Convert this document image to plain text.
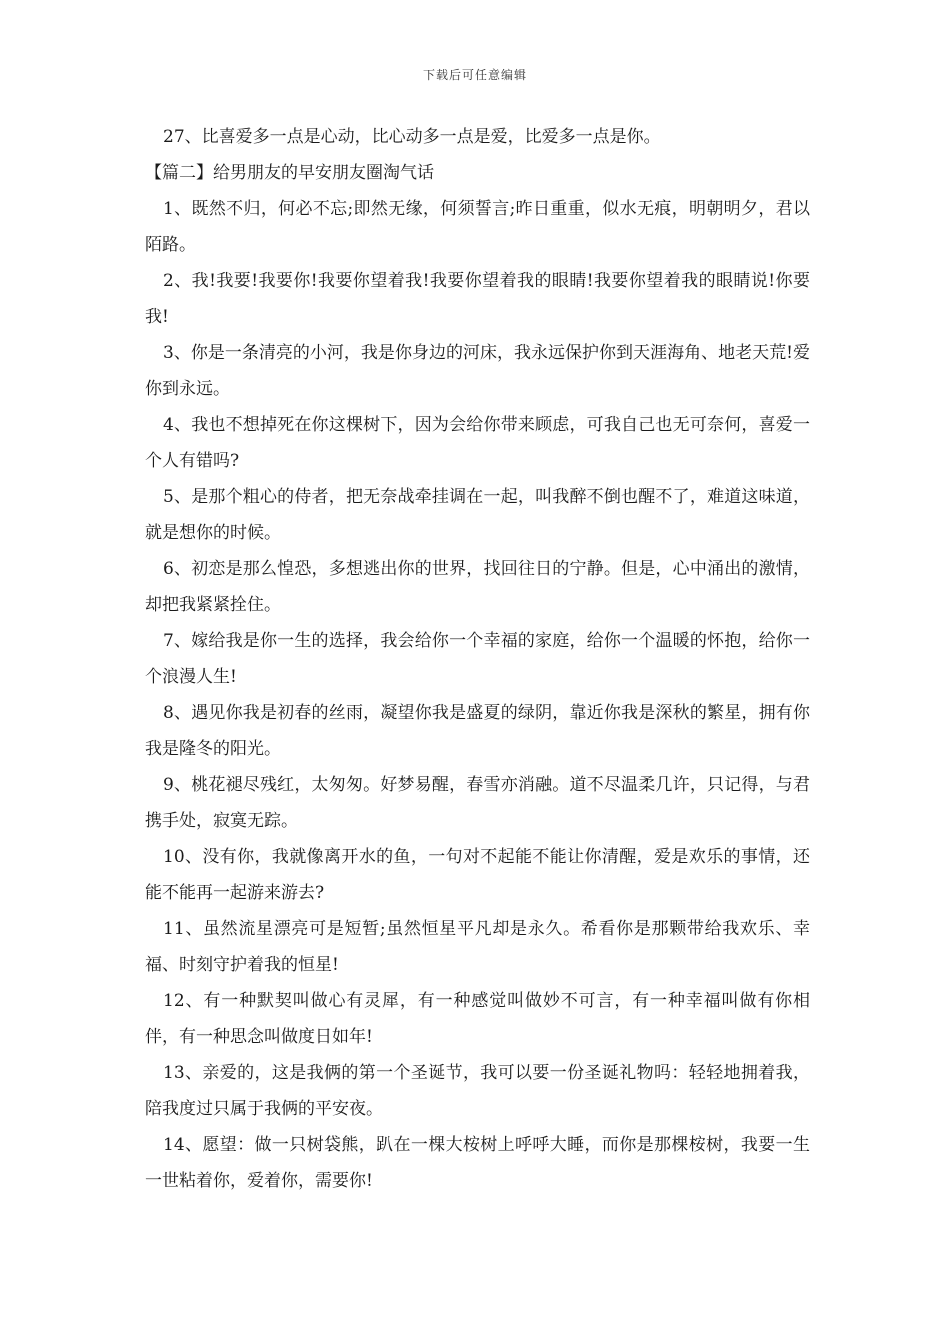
下载后可任意编辑

27、比喜爱多一点是心动，比心动多一点是爱，比爱多一点是你。

【篇二】给男朋友的早安朋友圈淘气话

1、既然不归，何必不忘;即然无缘，何须誓言;昨日重重，似水无痕，明朝明夕，君以陌路。

2、我!我要!我要你!我要你望着我!我要你望着我的眼睛!我要你望着我的眼睛说!你要我!

3、你是一条清亮的小河，我是你身边的河床，我永远保护你到天涯海角、地老天荒!爱你到永远。

4、我也不想掉死在你这棵树下，因为会给你带来顾虑，可我自己也无可奈何，喜爱一个人有错吗?

5、是那个粗心的侍者，把无奈战牵挂调在一起，叫我醉不倒也醒不了，难道这味道，就是想你的时候。

6、初恋是那么惶恐，多想逃出你的世界，找回往日的宁静。但是，心中涌出的激情，却把我紧紧拴住。

7、嫁给我是你一生的选择，我会给你一个幸福的家庭，给你一个温暖的怀抱，给你一个浪漫人生!

8、遇见你我是初春的丝雨，凝望你我是盛夏的绿阴，靠近你我是深秋的繁星，拥有你我是隆冬的阳光。

9、桃花褪尽残红，太匆匆。好梦易醒，春雪亦消融。道不尽温柔几许，只记得，与君携手处，寂寞无踪。

10、没有你，我就像离开水的鱼，一句对不起能不能让你清醒，爱是欢乐的事情，还能不能再一起游来游去?

11、虽然流星漂亮可是短暂;虽然恒星平凡却是永久。希看你是那颗带给我欢乐、幸福、时刻守护着我的恒星!

12、有一种默契叫做心有灵犀，有一种感觉叫做妙不可言，有一种幸福叫做有你相伴，有一种思念叫做度日如年!

13、亲爱的，这是我俩的第一个圣诞节，我可以要一份圣诞礼物吗：轻轻地拥着我，陪我度过只属于我俩的平安夜。

14、愿望：做一只树袋熊，趴在一棵大桉树上呼呼大睡，而你是那棵桉树，我要一生一世粘着你，爱着你，需要你!
